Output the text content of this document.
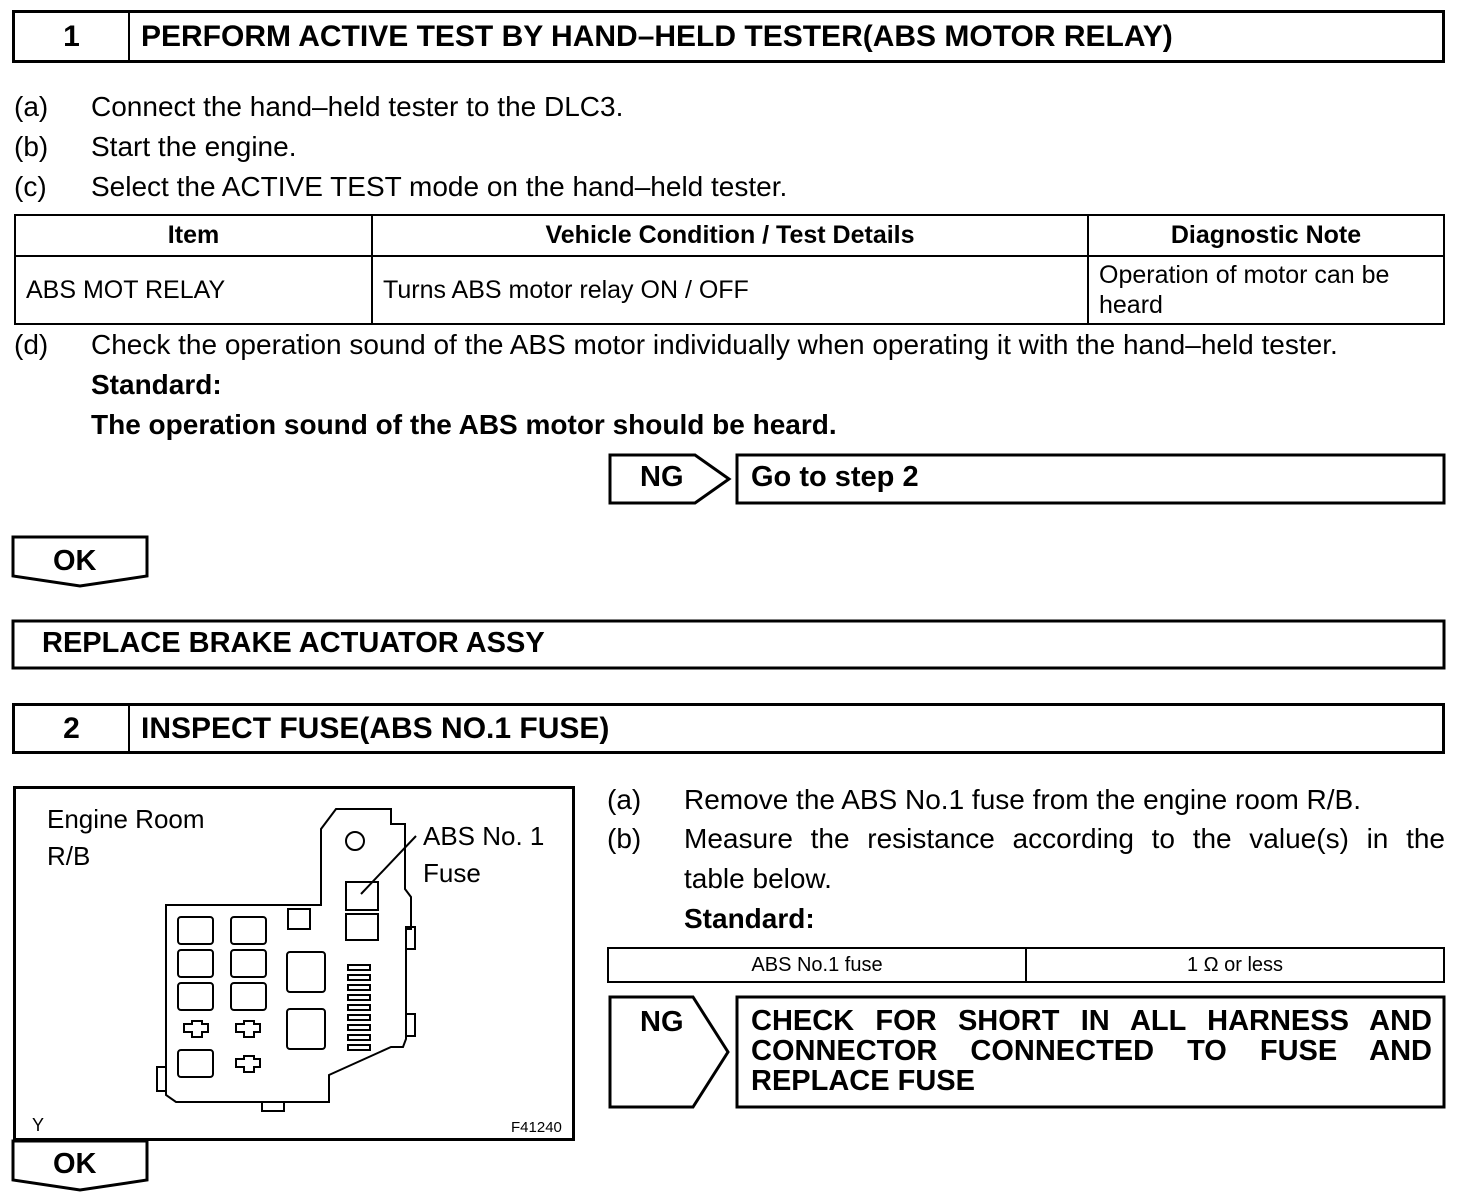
1	PERFORM ACTIVE TEST BY HAND–HELD TESTER(ABS MOTOR RELAY)
(a) Connect the hand–held tester to the DLC3.
(b) Start the engine.
(c) Select the ACTIVE TEST mode on the hand–held tester.
Item	Vehicle Condition / Test Details	Diagnostic Note
ABS MOT RELAY	Turns ABS motor relay ON / OFF	Operation of motor can be heard
(d) Check the operation sound of the ABS motor individually when operating it with the hand–held tester.
Standard:
The operation sound of the ABS motor should be heard.
NG Go to step 2
OK
REPLACE BRAKE ACTUATOR ASSY
2	INSPECT FUSE(ABS NO.1 FUSE)
Engine Room
R/B
ABS No. 1
Fuse
Y	F41240
(a) Remove the ABS No.1 fuse from the engine room R/B.
(b) Measure the resistance according to the value(s) in the
table below.
Standard:
ABS No.1 fuse	1 Ω or less
NG CHECK FOR SHORT IN ALL HARNESS AND
CONNECTOR CONNECTED TO FUSE AND
REPLACE FUSE
OK
